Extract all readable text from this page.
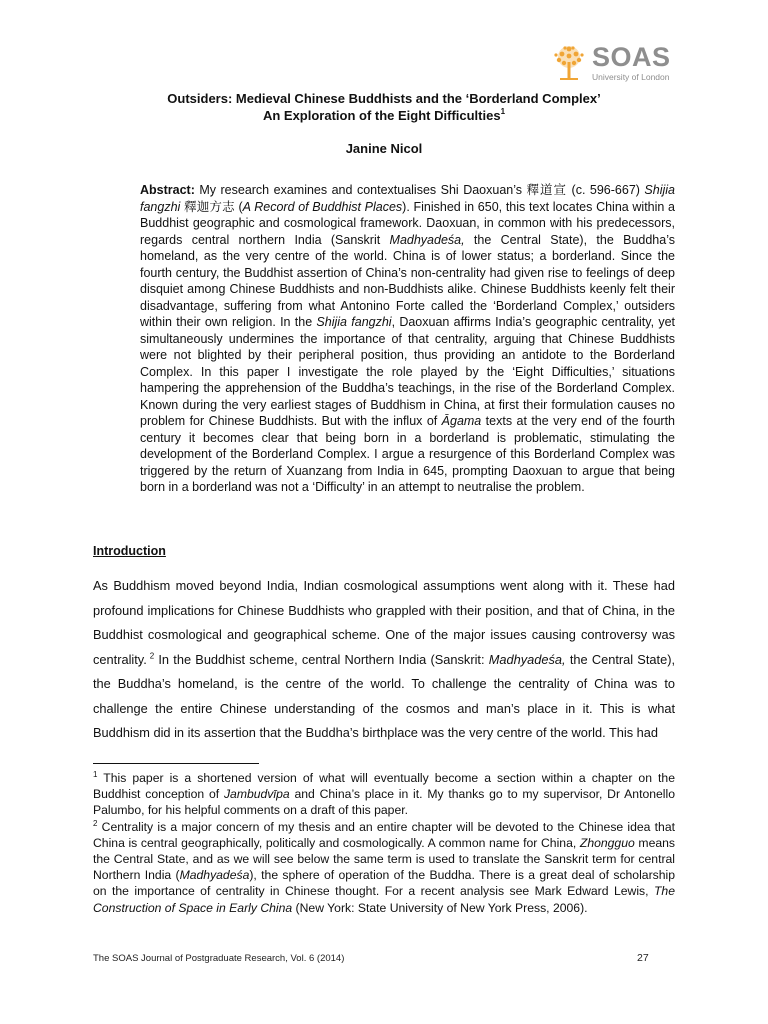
SOAS
University of London
Outsiders: Medieval Chinese Buddhists and the ‘Borderland Complex’
An Exploration of the Eight Difficulties$^1$
Janine Nicol
Abstract: My research examines and contextualises Shi Daoxuan’s 釋道宣 (c. 596-667) Shijia fangzhi 釋迦方志 (A Record of Buddhist Places). Finished in 650, this text locates China within a Buddhist geographic and cosmological framework. Daoxuan, in common with his predecessors, regards central northern India (Sanskrit Madhyadeśa, the Central State), the Buddha’s homeland, as the very centre of the world. China is of lower status; a borderland. Since the fourth century, the Buddhist assertion of China’s non-centrality had given rise to feelings of deep disquiet among Chinese Buddhists and non-Buddhists alike. Chinese Buddhists keenly felt their disadvantage, suffering from what Antonino Forte called the ‘Borderland Complex,’ outsiders within their own religion. In the Shijia fangzhi, Daoxuan affirms India’s geographic centrality, yet simultaneously undermines the importance of that centrality, arguing that Chinese Buddhists were not blighted by their peripheral position, thus providing an antidote to the Borderland Complex. In this paper I investigate the role played by the ‘Eight Difficulties,’ situations hampering the apprehension of the Buddha’s teachings, in the rise of the Borderland Complex. Known during the very earliest stages of Buddhism in China, at first their formulation causes no problem for Chinese Buddhists. But with the influx of Āgama texts at the very end of the fourth century it becomes clear that being born in a borderland is problematic, stimulating the development of the Borderland Complex. I argue a resurgence of this Borderland Complex was triggered by the return of Xuanzang from India in 645, prompting Daoxuan to argue that being born in a borderland was not a ‘Difficulty’ in an attempt to neutralise the problem.
Introduction
As Buddhism moved beyond India, Indian cosmological assumptions went along with it. These had profound implications for Chinese Buddhists who grappled with their position, and that of China, in the Buddhist cosmological and geographical scheme. One of the major issues causing controversy was centrality. $^2$ In the Buddhist scheme, central Northern India (Sanskrit: Madhyadeśa, the Central State), the Buddha’s homeland, is the centre of the world. To challenge the centrality of China was to challenge the entire Chinese understanding of the cosmos and man’s place in it. This is what Buddhism did in its assertion that the Buddha’s birthplace was the very centre of the world. This had

$^1$ This paper is a shortened version of what will eventually become a section within a chapter on the Buddhist conception of Jambudvīpa and China’s place in it. My thanks go to my supervisor, Dr Antonello Palumbo, for his helpful comments on a draft of this paper.

$^2$ Centrality is a major concern of my thesis and an entire chapter will be devoted to the Chinese idea that China is central geographically, politically and cosmologically. A common name for China, Zhongguo means the Central State, and as we will see below the same term is used to translate the Sanskrit term for central Northern India (Madhyadeśa), the sphere of operation of the Buddha. There is a great deal of scholarship on the importance of centrality in Chinese thought. For a recent analysis see Mark Edward Lewis, The Construction of Space in Early China (New York: State University of New York Press, 2006).

The SOAS Journal of Postgraduate Research, Vol. 6 (2014)	27
